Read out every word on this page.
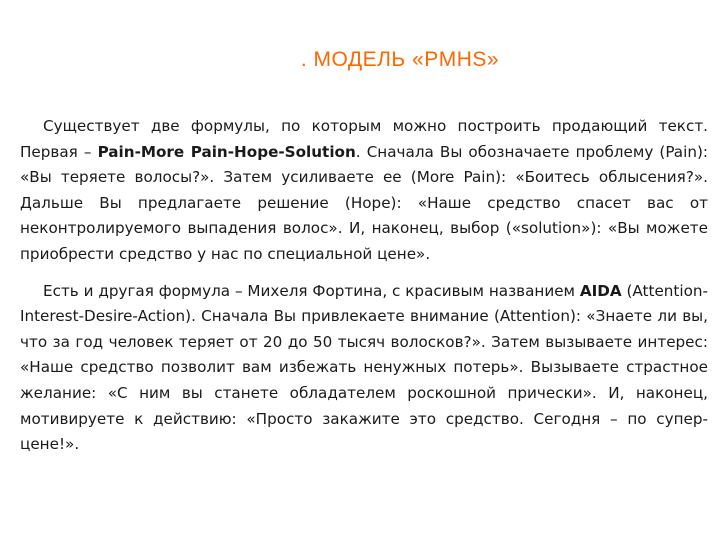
. МОДЕЛЬ «PMHS»

Существует две формулы, по которым можно построить продающий текст. Первая – Pain-More Pain-Hope-Solution. Сначала Вы обозначаете проблему (Pain): «Вы теряете волосы?». Затем усиливаете ее (More Pain): «Боитесь облысения?». Дальше Вы предлагаете решение (Hope): «Наше средство спасет вас от неконтролируемого выпадения волос». И, наконец, выбор («solution»): «Вы можете приобрести средство у нас по специальной цене».

Есть и другая формула – Михеля Фортина, с красивым названием AIDA (Attention-Interest-Desire-Action). Сначала Вы привлекаете внимание (Attention): «Знаете ли вы, что за год человек теряет от 20 до 50 тысяч волосков?». Затем вызываете интерес: «Наше средство позволит вам избежать ненужных потерь». Вызываете страстное желание: «С ним вы станете обладателем роскошной прически». И, наконец, мотивируете к действию: «Просто закажите это средство. Сегодня – по супер-цене!».
